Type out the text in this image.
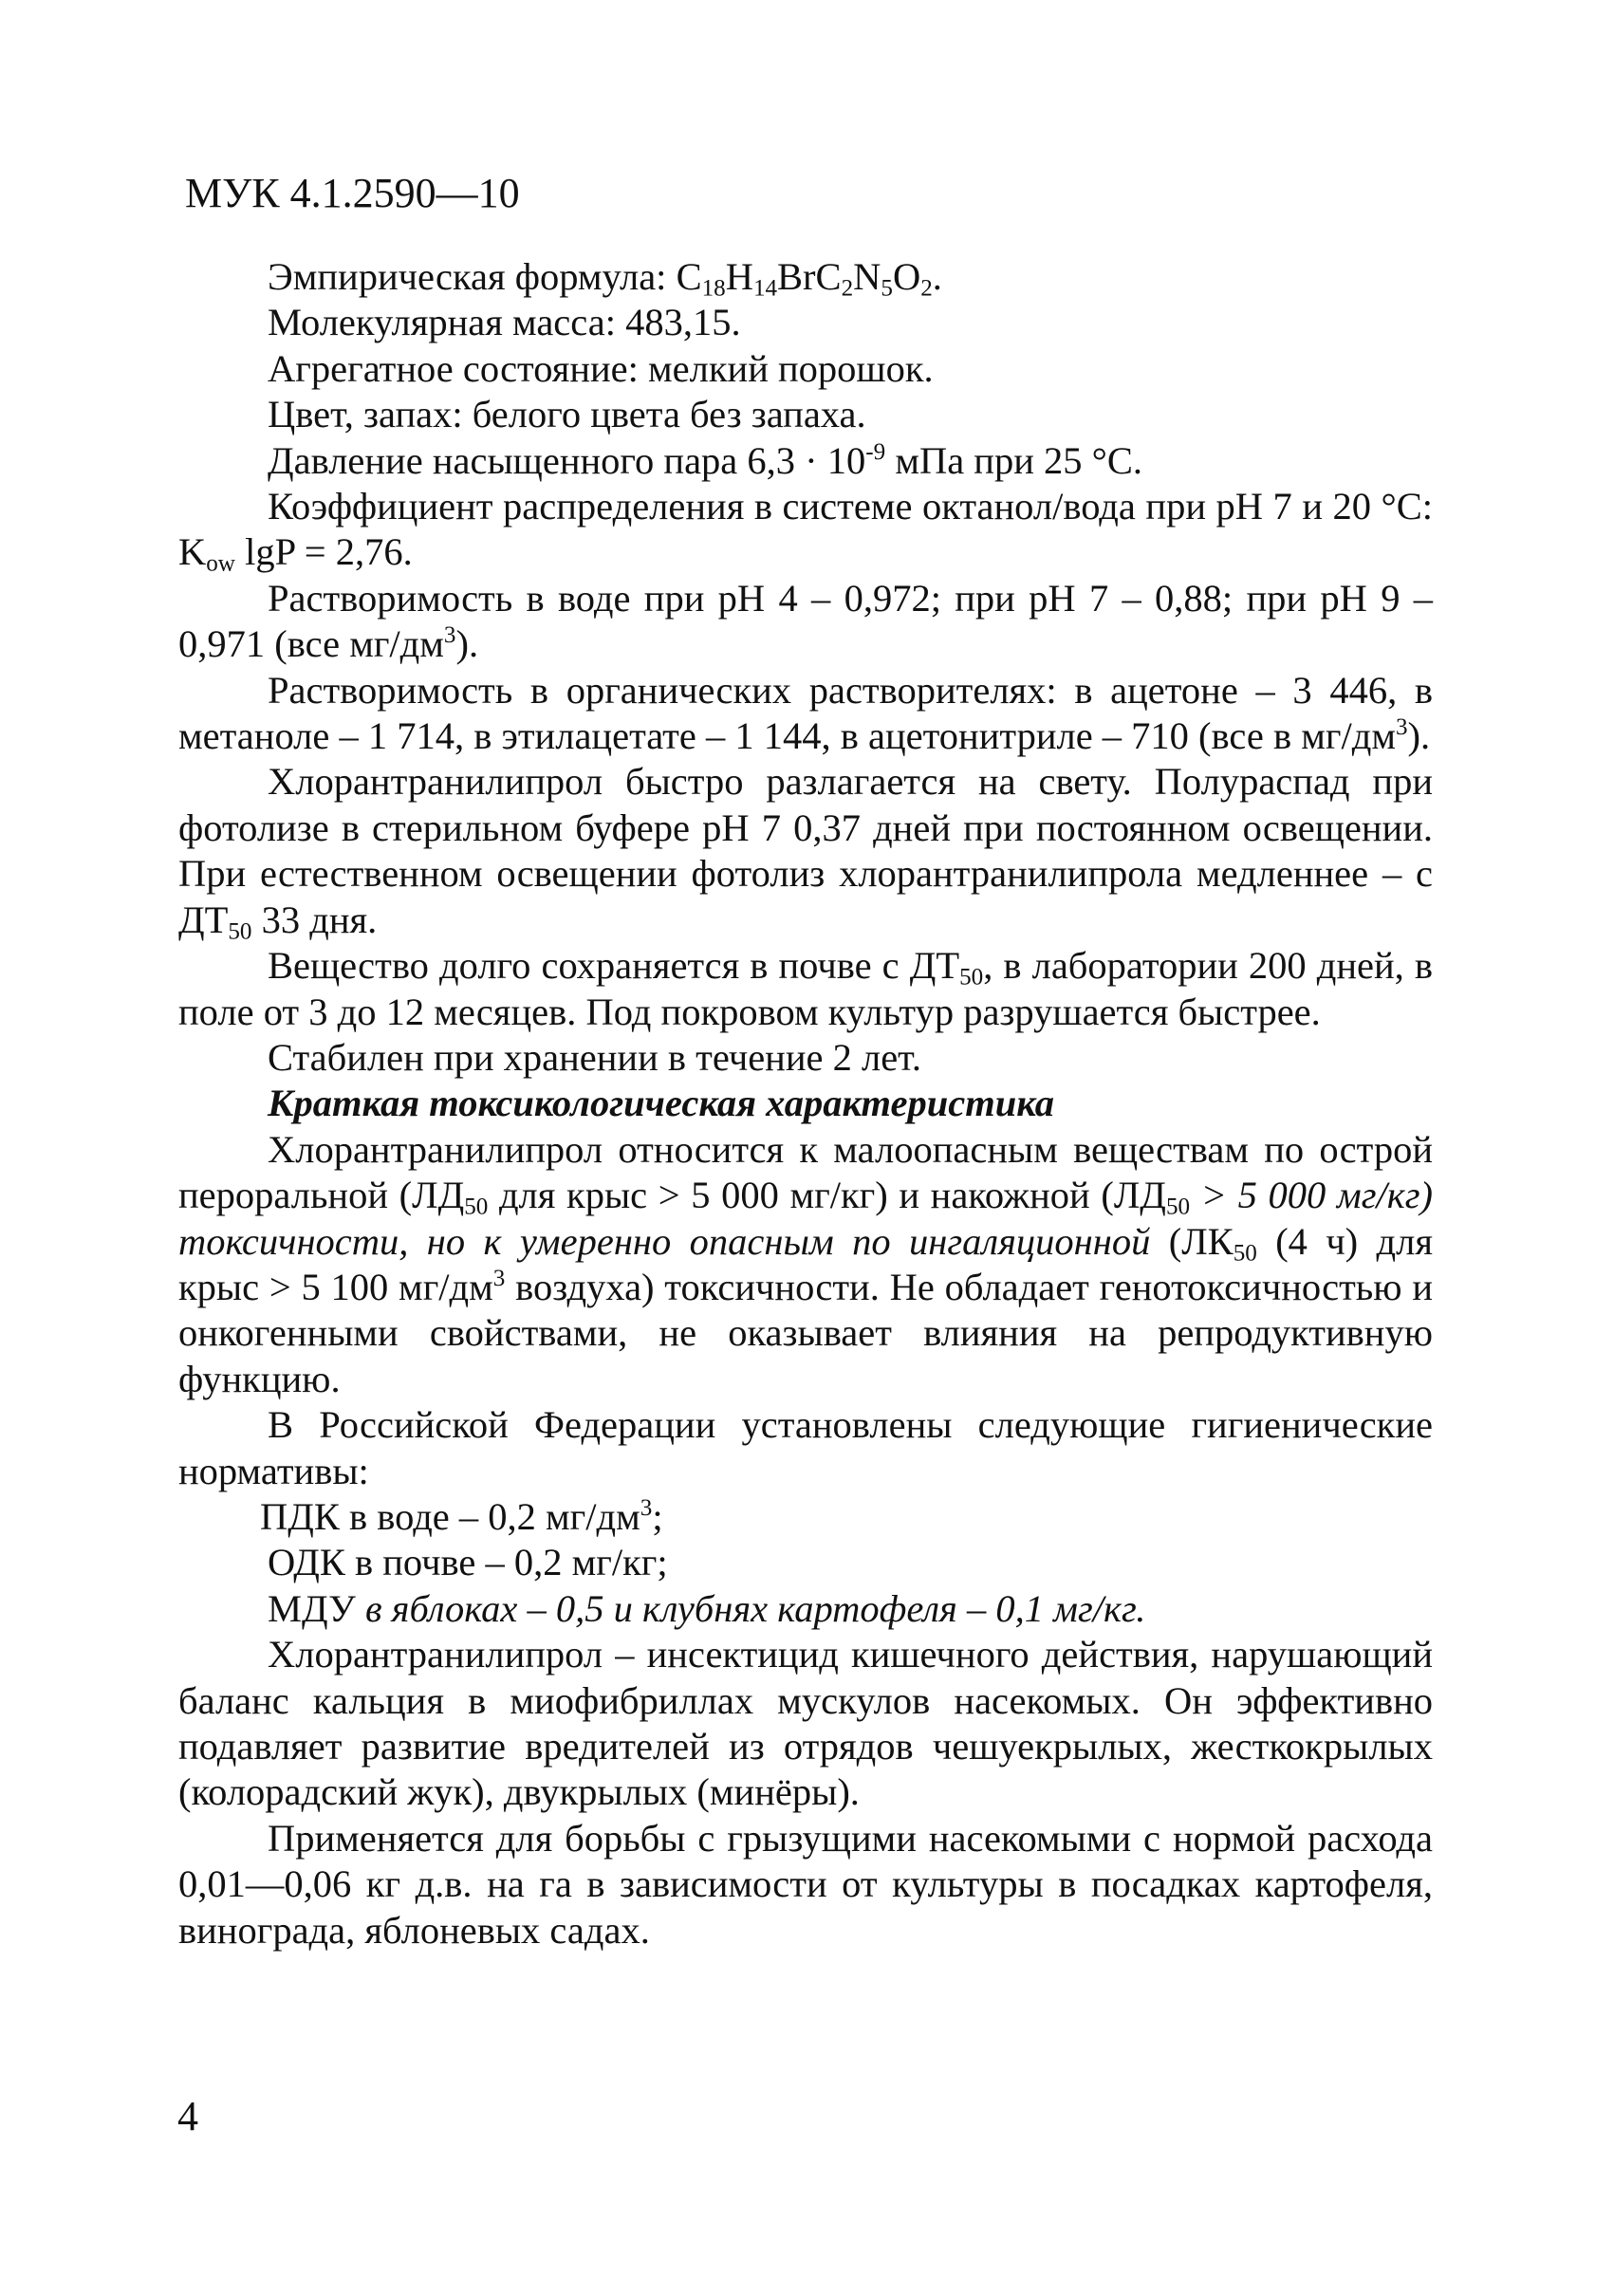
МУК 4.1.2590—10

Эмпирическая формула: $C_{18}H_{14}BrC_2N_5O_2$.

Молекулярная масса: 483,15.

Агрегатное состояние: мелкий порошок.

Цвет, запах: белого цвета без запаха.

Давление насыщенного пара $6,3 \cdot 10^{-9}$ мПа при 25 °С.

Коэффициент распределения в системе октанол/вода при pH 7 и 20 °С: $K_{ow}$ lgP = 2,76.

Растворимость в воде при pH 4 – 0,972; при pH 7 – 0,88; при pH 9 – 0,971 (все $мг/дм^3$).

Растворимость в органических растворителях: в ацетоне – 3 446, в метаноле – 1 714, в этилацетате – 1 144, в ацетонитриле – 710 (все в $мг/дм^3$).

Хлорантранилипрол быстро разлагается на свету. Полураспад при фотолизе в стерильном буфере pH 7 0,37 дней при постоянном освещении. При естественном освещении фотолиз хлорантранилипрола медленнее – с $ДТ_{50}$ 33 дня.

Вещество долго сохраняется в почве с $ДТ_{50}$, в лаборатории 200 дней, в поле от 3 до 12 месяцев. Под покровом культур разрушается быстрее.

Стабилен при хранении в течение 2 лет.

Краткая токсикологическая характеристика

Хлорантранилипрол относится к малоопасным веществам по острой пероральной ($ЛД_{50}$ для крыс > 5 000 мг/кг) и накожной ($ЛД_{50} > 5$ 000 мг/кг) токсичности, но к умеренно опасным по ингаляционной ($ЛК_{50}$ (4 ч) для крыс > 5 100 $мг/дм^3$ воздуха) токсичности. Не обладает генотоксичностью и онкогенными свойствами, не оказывает влияния на репродуктивную функцию.

В Российской Федерации установлены следующие гигиенические нормативы:

ПДК в воде – 0,2 $мг/дм^3$;

ОДК в почве – 0,2 мг/кг;

МДУ в яблоках – 0,5 и клубнях картофеля – 0,1 мг/кг.

Хлорантранилипрол – инсектицид кишечного действия, нарушающий баланс кальция в миофибриллах мускулов насекомых. Он эффективно подавляет развитие вредителей из отрядов чешуекрылых, жесткокрылых (колорадский жук), двукрылых (минёры).

Применяется для борьбы с грызущими насекомыми с нормой расхода 0,01—0,06 кг д.в. на га в зависимости от культуры в посадках картофеля, винограда, яблоневых садах.

4
